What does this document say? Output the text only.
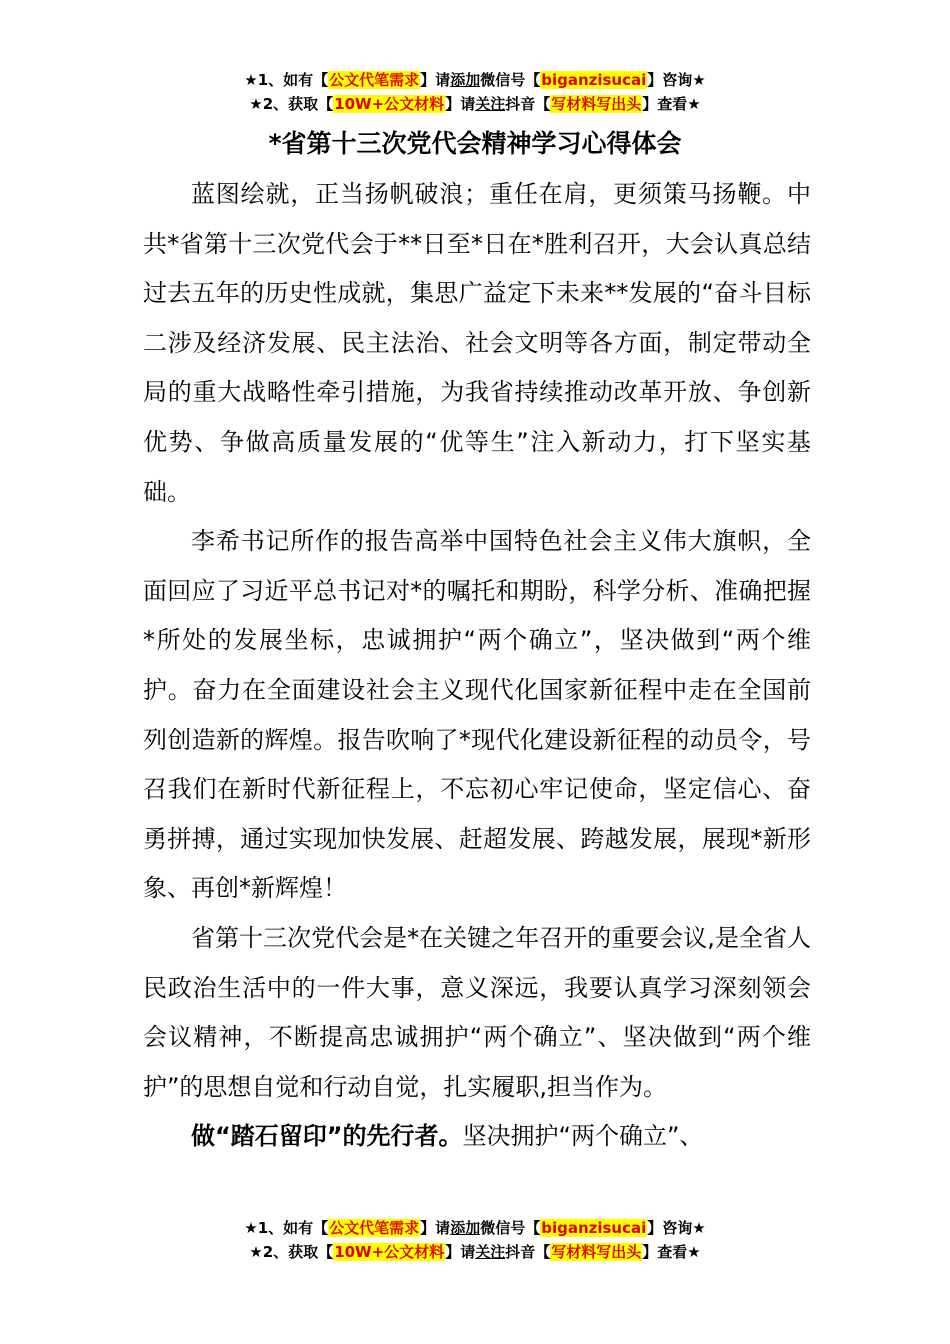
★1、如有【公文代笔需求】请添加微信号【biganzisucai】咨询★
★2、获取【10W+公文材料】请关注抖音【写材料写出头】查看★
*省第十三次党代会精神学习心得体会

蓝图绘就，正当扬帆破浪；重任在肩，更须策马扬鞭。中共*省第十三次党代会于**日至*日在*胜利召开，大会认真总结过去五年的历史性成就，集思广益定下未来**发展的“奋斗目标二涉及经济发展、民主法治、社会文明等各方面，制定带动全局的重大战略性牵引措施，为我省持续推动改革开放、争创新优势、争做高质量发展的“优等生”注入新动力，打下坚实基础。

李希书记所作的报告高举中国特色社会主义伟大旗帜，全面回应了习近平总书记对*的嘱托和期盼，科学分析、准确把握*所处的发展坐标，忠诚拥护“两个确立”，坚决做到“两个维护。奋力在全面建设社会主义现代化国家新征程中走在全国前列创造新的辉煌。报告吹响了*现代化建设新征程的动员令，号召我们在新时代新征程上，不忘初心牢记使命，坚定信心、奋勇拼搏，通过实现加快发展、赶超发展、跨越发展，展现*新形象、再创*新辉煌！

省第十三次党代会是*在关键之年召开的重要会议,是全省人民政治生活中的一件大事，意义深远，我要认真学习深刻领会会议精神，不断提高忠诚拥护“两个确立”、坚决做到“两个维护”的思想自觉和行动自觉，扎实履职,担当作为。

做“踏石留印”的先行者。坚决拥护“两个确立”、

★1、如有【公文代笔需求】请添加微信号【biganzisucai】咨询★
★2、获取【10W+公文材料】请关注抖音【写材料写出头】查看★
